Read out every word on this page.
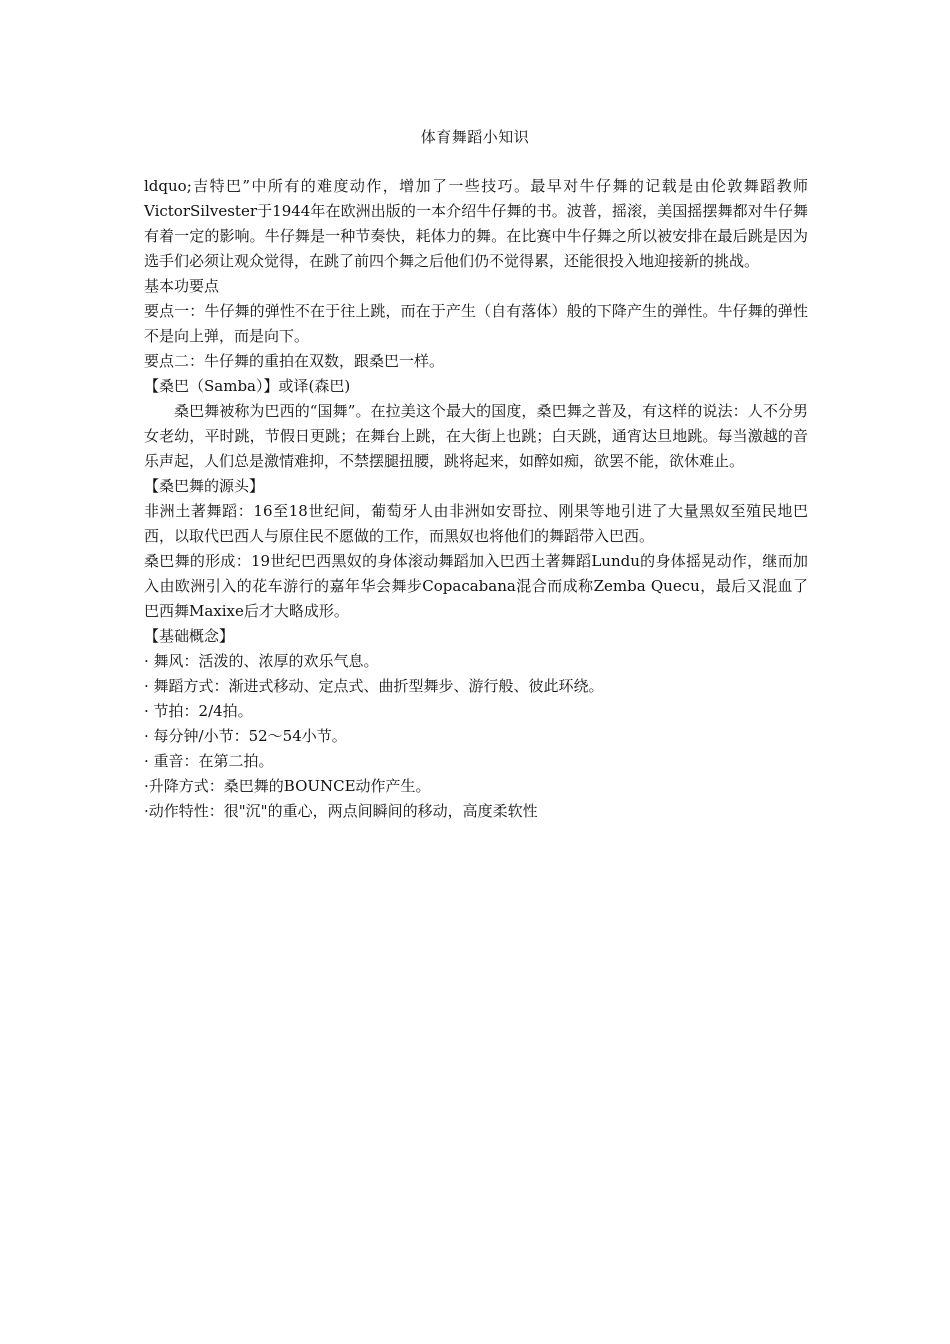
体育舞蹈小知识

ldquo;吉特巴”中所有的难度动作，增加了一些技巧。最早对牛仔舞的记载是由伦敦舞蹈教师VictorSilvester于1944年在欧洲出版的一本介绍牛仔舞的书。波普，摇滚，美国摇摆舞都对牛仔舞有着一定的影响。牛仔舞是一种节奏快，耗体力的舞。在比赛中牛仔舞之所以被安排在最后跳是因为选手们必须让观众觉得，在跳了前四个舞之后他们仍不觉得累，还能很投入地迎接新的挑战。

基本功要点

要点一：牛仔舞的弹性不在于往上跳，而在于产生（自有落体）般的下降产生的弹性。牛仔舞的弹性不是向上弹，而是向下。

要点二：牛仔舞的重拍在双数，跟桑巴一样。

【桑巴（Samba）】或译(森巴)

桑巴舞被称为巴西的“国舞”。在拉美这个最大的国度，桑巴舞之普及，有这样的说法：人不分男女老幼，平时跳，节假日更跳；在舞台上跳，在大街上也跳；白天跳，通宵达旦地跳。每当激越的音乐声起，人们总是激情难抑，不禁摆腿扭腰，跳将起来，如醉如痴，欲罢不能，欲休难止。

【桑巴舞的源头】

非洲土著舞蹈：16至18世纪间，葡萄牙人由非洲如安哥拉、刚果等地引进了大量黑奴至殖民地巴西，以取代巴西人与原住民不愿做的工作，而黑奴也将他们的舞蹈带入巴西。

桑巴舞的形成：19世纪巴西黑奴的身体滚动舞蹈加入巴西土著舞蹈Lundu的身体摇晃动作，继而加入由欧洲引入的花车游行的嘉年华会舞步Copacabana混合而成称Zemba Quecu，最后又混血了巴西舞Maxixe后才大略成形。

【基础概念】

· 舞风：活泼的、浓厚的欢乐气息。

· 舞蹈方式：渐进式移动、定点式、曲折型舞步、游行般、彼此环绕。

· 节拍：2/4拍。

· 每分钟/小节：52～54小节。

· 重音：在第二拍。

·升降方式：桑巴舞的BOUNCE动作产生。

·动作特性：很"沉"的重心，两点间瞬间的移动，高度柔软性
